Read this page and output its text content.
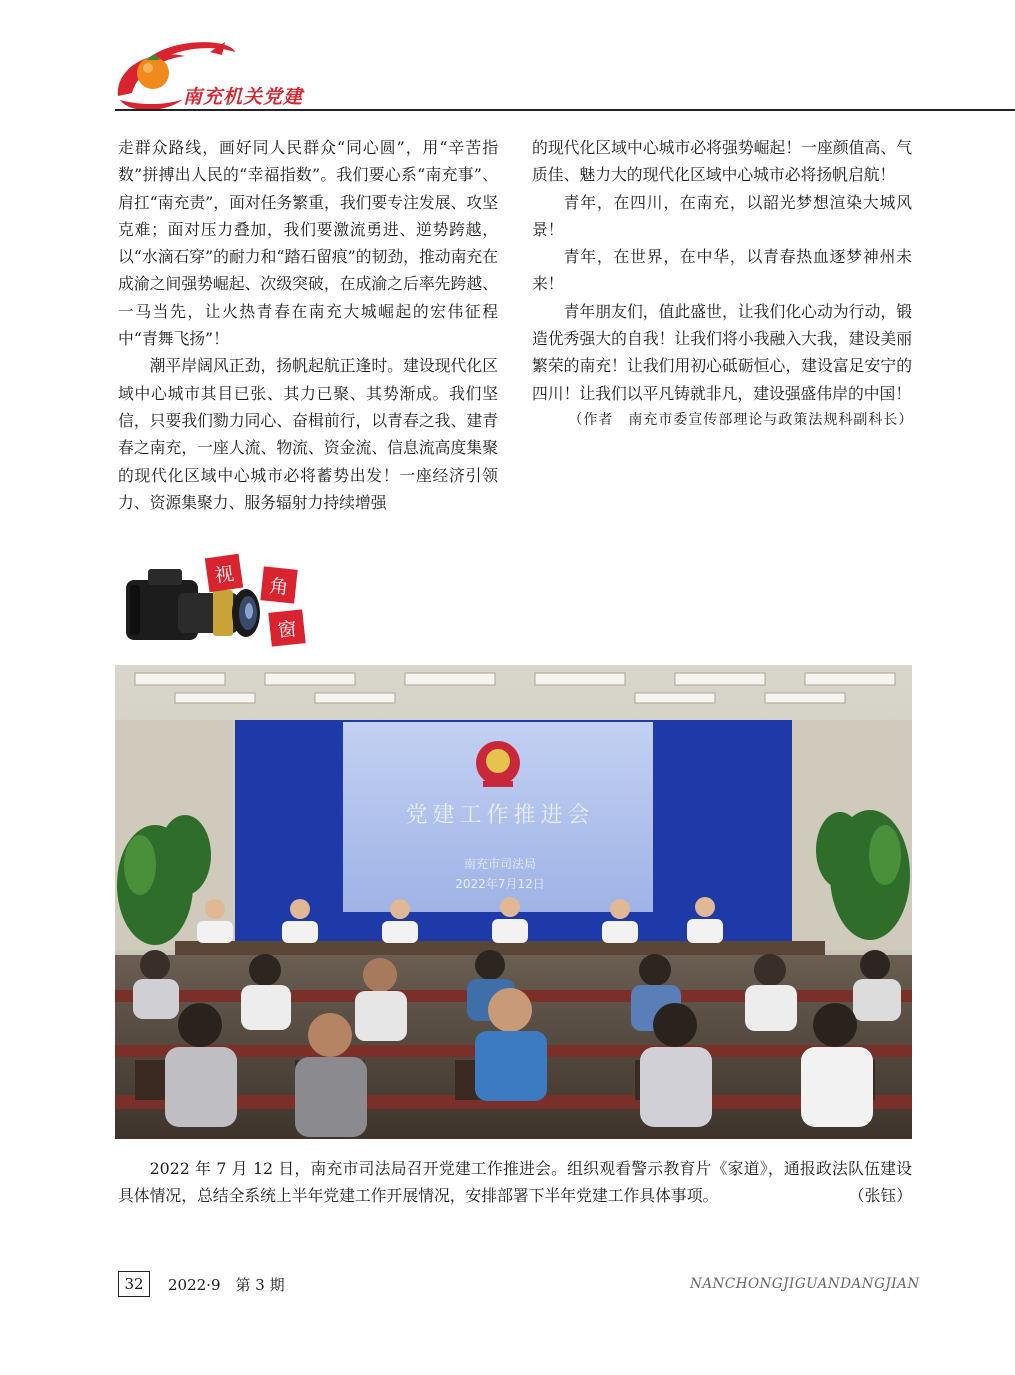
南充机关党建

走群众路线，画好同人民群众“同心圆”，用“辛苦指数”拼搏出人民的“幸福指数”。我们要心系“南充事”、肩扛“南充责”，面对任务繁重，我们要专注发展、攻坚克难；面对压力叠加，我们要激流勇进、逆势跨越，以“水滴石穿”的耐力和“踏石留痕”的韧劲，推动南充在成渝之间强势崛起、次级突破，在成渝之后率先跨越、一马当先，让火热青春在南充大城崛起的宏伟征程中“青舞飞扬”！

潮平岸阔风正劲，扬帆起航正逢时。建设现代化区域中心城市其目已张、其力已聚、其势渐成。我们坚信，只要我们勠力同心、奋楫前行，以青春之我、建青春之南充，一座人流、物流、资金流、信息流高度集聚的现代化区域中心城市必将蓄势出发！一座经济引领力、资源集聚力、服务辐射力持续增强

的现代化区域中心城市必将强势崛起！一座颜值高、气质佳、魅力大的现代化区域中心城市必将扬帆启航！

青年，在四川，在南充，以韶光梦想渲染大城风景！

青年，在世界，在中华，以青春热血逐梦神州未来！

青年朋友们，值此盛世，让我们化心动为行动，锻造优秀强大的自我！让我们将小我融入大我，建设美丽繁荣的南充！让我们用初心砥砺恒心，建设富足安宁的四川！让我们以平凡铸就非凡，建设强盛伟岸的中国！

（作者　南充市委宣传部理论与政策法规科副科长）

视	角
窗
党建工作推进会
南充市司法局
2022年7月12日

2022 年 7 月 12 日，南充市司法局召开党建工作推进会。组织观看警示教育片《家道》，通报政法队伍建设具体情况，总结全系统上半年党建工作开展情况，安排部署下半年党建工作具体事项。	（张钰）

32	2022·9　第 3 期	NANCHONGJIGUANDANGJIAN
